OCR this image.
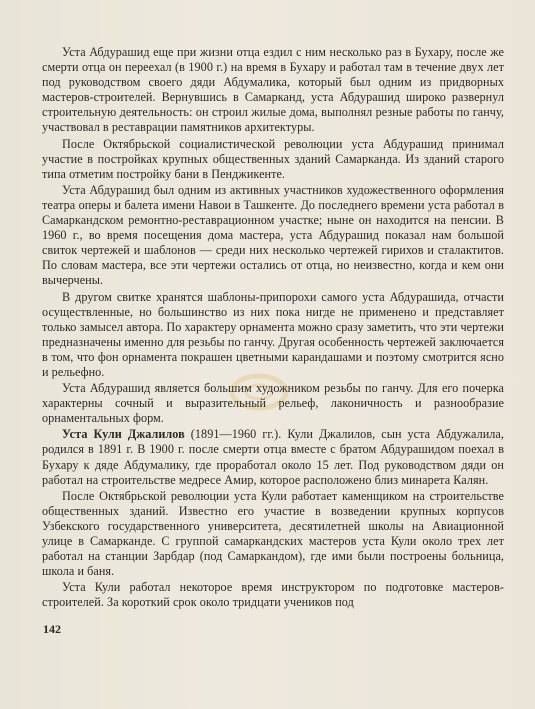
Уста Абдурашид еще при жизни отца ездил с ним несколько раз в Бухару, после же смерти отца он переехал (в 1900 г.) на время в Бухару и работал там в течение двух лет под руководством своего дяди Абдумалика, который был одним из придворных мастеров-строителей. Вернувшись в Самарканд, уста Абдурашид широко развернул строительную деятельность: он строил жилые дома, выполнял резные работы по ганчу, участвовал в реставрации памятников архитектуры.

После Октябрьской социалистической революции уста Абдурашид принимал участие в постройках крупных общественных зданий Самарканда. Из зданий старого типа отметим постройку бани в Пенджикенте.

Уста Абдурашид был одним из активных участников художественного оформления театра оперы и балета имени Навои в Ташкенте. До последнего времени уста работал в Самаркандском ремонтно-реставрационном участке; ныне он находится на пенсии. В 1960 г., во время посещения дома мастера, уста Абдурашид показал нам большой свиток чертежей и шаблонов — среди них несколько чертежей гирихов и сталактитов. По словам мастера, все эти чертежи остались от отца, но неизвестно, когда и кем они вычерчены.

В другом свитке хранятся шаблоны-припорохи самого уста Абдурашида, отчасти осуществленные, но большинство из них пока нигде не применено и представляет только замысел автора. По характеру орнамента можно сразу заметить, что эти чертежи предназначены именно для резьбы по ганчу. Другая особенность чертежей заключается в том, что фон орнамента покрашен цветными карандашами и поэтому смотрится ясно и рельефно.

Уста Абдурашид является большим художником резьбы по ганчу. Для его почерка характерны сочный и выразительный рельеф, лаконичность и разнообразие орнаментальных форм.

Уста Кули Джалилов (1891—1960 гг.). Кули Джалилов, сын уста Абдужалила, родился в 1891 г. В 1900 г. после смерти отца вместе с братом Абдурашидом поехал в Бухару к дяде Абдумалику, где проработал около 15 лет. Под руководством дяди он работал на строительстве медресе Амир, которое расположено близ минарета Калян.

После Октябрьской революции уста Кули работает каменщиком на строительстве общественных зданий. Известно его участие в возведении крупных корпусов Узбекского государственного университета, десятилетней школы на Авиационной улице в Самарканде. С группой самаркандских мастеров уста Кули около трех лет работал на станции Зарбдар (под Самаркандом), где ими были построены больница, школа и баня.

Уста Кули работал некоторое время инструктором по подготовке мастеров-строителей. За короткий срок около тридцати учеников под

142
